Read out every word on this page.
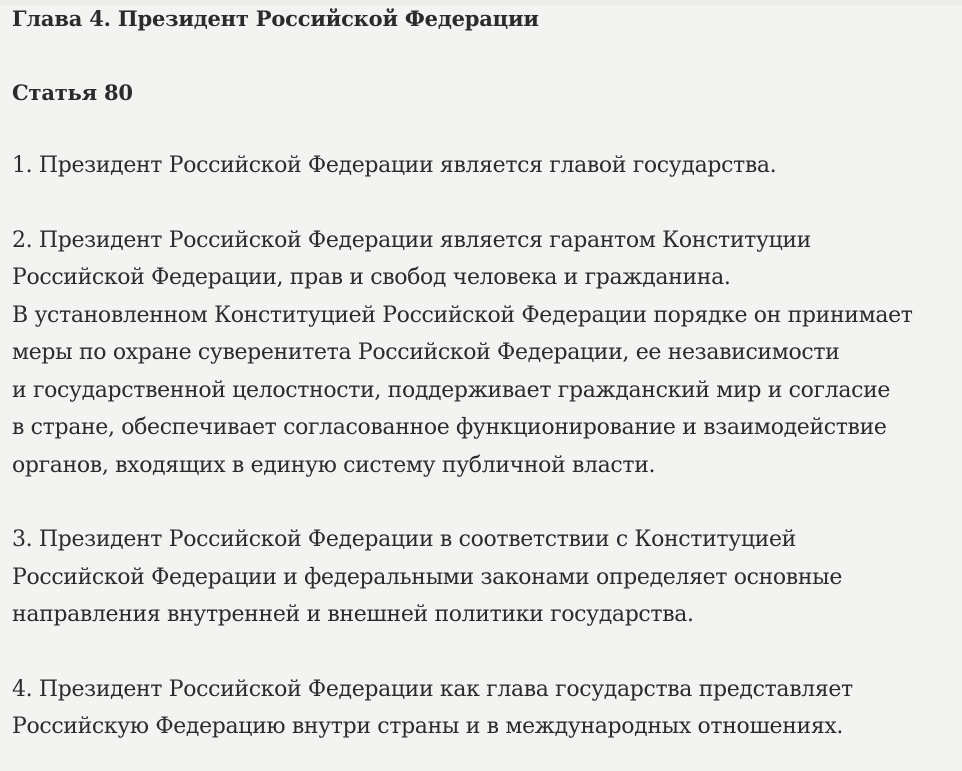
Глава 4. Президент Российской Федерации
Статья 80

1. Президент Российской Федерации является главой государства.

2. Президент Российской Федерации является гарантом Конституции
Российской Федерации, прав и свобод человека и гражданина.
В установленном Конституцией Российской Федерации порядке он принимает
меры по охране суверенитета Российской Федерации, ее независимости
и государственной целостности, поддерживает гражданский мир и согласие
в стране, обеспечивает согласованное функционирование и взаимодействие
органов, входящих в единую систему публичной власти.

3. Президент Российской Федерации в соответствии с Конституцией
Российской Федерации и федеральными законами определяет основные
направления внутренней и внешней политики государства.

4. Президент Российской Федерации как глава государства представляет
Российскую Федерацию внутри страны и в международных отношениях.
